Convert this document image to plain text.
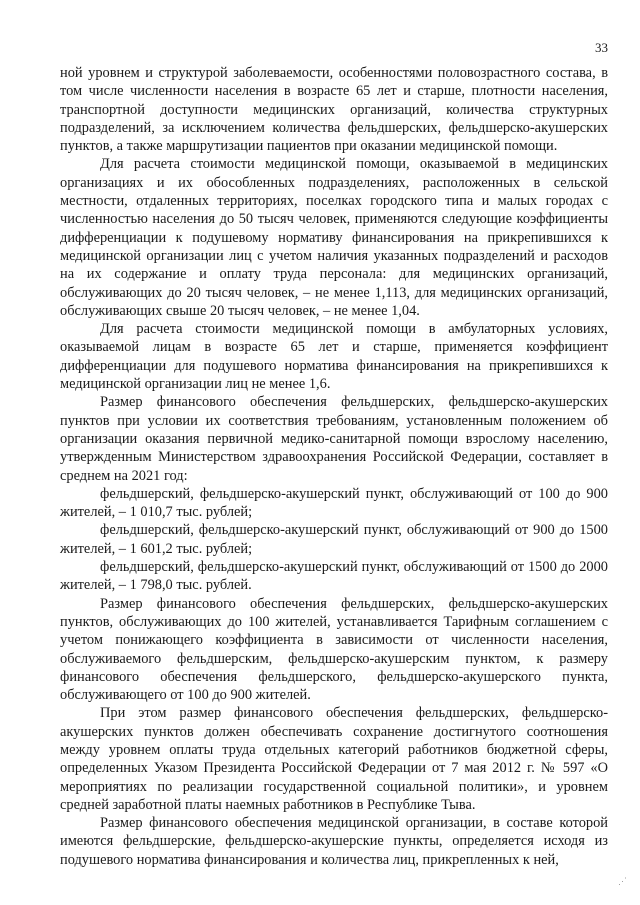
33

ной уровнем и структурой заболеваемости, особенностями половозрастного состава, в том числе численности населения в возрасте 65 лет и старше, плотности населения, транспортной доступности медицинских организаций, количества структурных подразделений, за исключением количества фельдшерских, фельдшерско-акушерских пунктов, а также маршрутизации пациентов при оказании медицинской помощи.

Для расчета стоимости медицинской помощи, оказываемой в медицинских организациях и их обособленных подразделениях, расположенных в сельской местности, отдаленных территориях, поселках городского типа и малых городах с численностью населения до 50 тысяч человек, применяются следующие коэффициенты дифференциации к подушевому нормативу финансирования на прикрепившихся к медицинской организации лиц с учетом наличия указанных подразделений и расходов на их содержание и оплату труда персонала: для медицинских организаций, обслуживающих до 20 тысяч человек, – не менее 1,113, для медицинских организаций, обслуживающих свыше 20 тысяч человек, – не менее 1,04.

Для расчета стоимости медицинской помощи в амбулаторных условиях, оказываемой лицам в возрасте 65 лет и старше, применяется коэффициент дифференциации для подушевого норматива финансирования на прикрепившихся к медицинской организации лиц не менее 1,6.

Размер финансового обеспечения фельдшерских, фельдшерско-акушерских пунктов при условии их соответствия требованиям, установленным положением об организации оказания первичной медико-санитарной помощи взрослому населению, утвержденным Министерством здравоохранения Российской Федерации, составляет в среднем на 2021 год:

фельдшерский, фельдшерско-акушерский пункт, обслуживающий от 100 до 900 жителей, – 1 010,7 тыс. рублей;

фельдшерский, фельдшерско-акушерский пункт, обслуживающий от 900 до 1500 жителей, – 1 601,2 тыс. рублей;

фельдшерский, фельдшерско-акушерский пункт, обслуживающий от 1500 до 2000 жителей, – 1 798,0 тыс. рублей.

Размер финансового обеспечения фельдшерских, фельдшерско-акушерских пунктов, обслуживающих до 100 жителей, устанавливается Тарифным соглашением с учетом понижающего коэффициента в зависимости от численности населения, обслуживаемого фельдшерским, фельдшерско-акушерским пунктом, к размеру финансового обеспечения фельдшерского, фельдшерско-акушерского пункта, обслуживающего от 100 до 900 жителей.

При этом размер финансового обеспечения фельдшерских, фельдшерско-акушерских пунктов должен обеспечивать сохранение достигнутого соотношения между уровнем оплаты труда отдельных категорий работников бюджетной сферы, определенных Указом Президента Российской Федерации от 7 мая 2012 г. № 597 «О мероприятиях по реализации государственной социальной политики», и уровнем средней заработной платы наемных работников в Республике Тыва.

Размер финансового обеспечения медицинской организации, в составе которой имеются фельдшерские, фельдшерско-акушерские пункты, определяется исходя из подушевого норматива финансирования и количества лиц, прикрепленных к ней,

⋰
